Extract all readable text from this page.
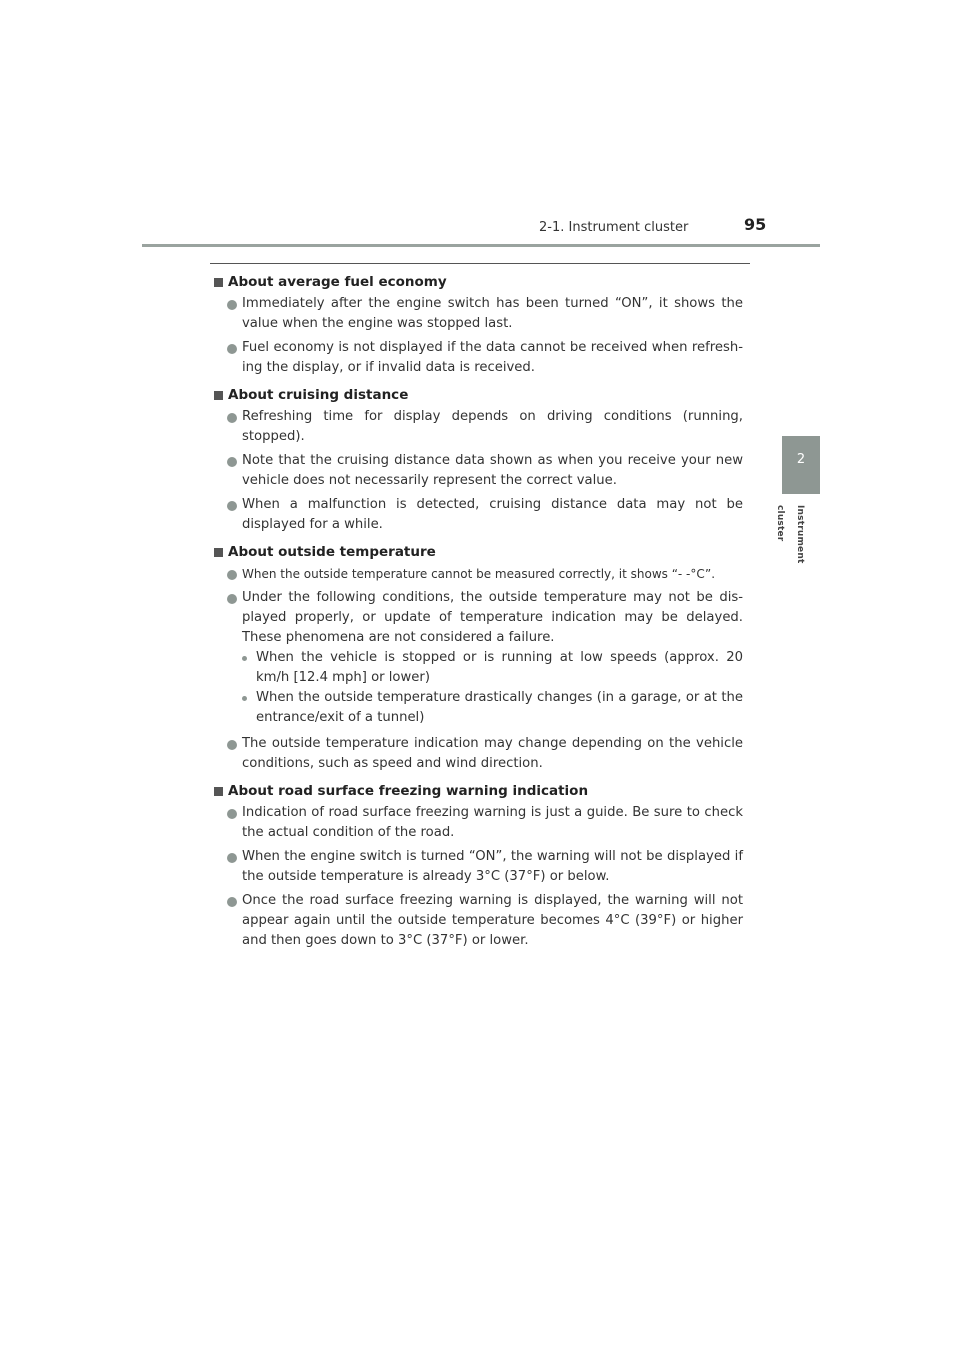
2-1. Instrument cluster	95
2
Instrument cluster
About average fuel economy
Immediately after the engine switch has been turned “ON”, it shows the value when the engine was stopped last.
Fuel economy is not displayed if the data cannot be received when refresh-ing the display, or if invalid data is received.
About cruising distance
Refreshing time for display depends on driving conditions (running, stopped).
Note that the cruising distance data shown as when you receive your new vehicle does not necessarily represent the correct value.
When a malfunction is detected, cruising distance data may not be displayed for a while.
About outside temperature
When the outside temperature cannot be measured correctly, it shows “- -°C”.
Under the following conditions, the outside temperature may not be dis-played properly, or update of temperature indication may be delayed. These phenomena are not considered a failure.
When the vehicle is stopped or is running at low speeds (approx. 20 km/h [12.4 mph] or lower)
When the outside temperature drastically changes (in a garage, or at the entrance/exit of a tunnel)
The outside temperature indication may change depending on the vehicle conditions, such as speed and wind direction.
About road surface freezing warning indication
Indication of road surface freezing warning is just a guide. Be sure to check the actual condition of the road.
When the engine switch is turned “ON”, the warning will not be displayed if the outside temperature is already 3°C (37°F) or below.
Once the road surface freezing warning is displayed, the warning will not appear again until the outside temperature becomes 4°C (39°F) or higher and then goes down to 3°C (37°F) or lower.
